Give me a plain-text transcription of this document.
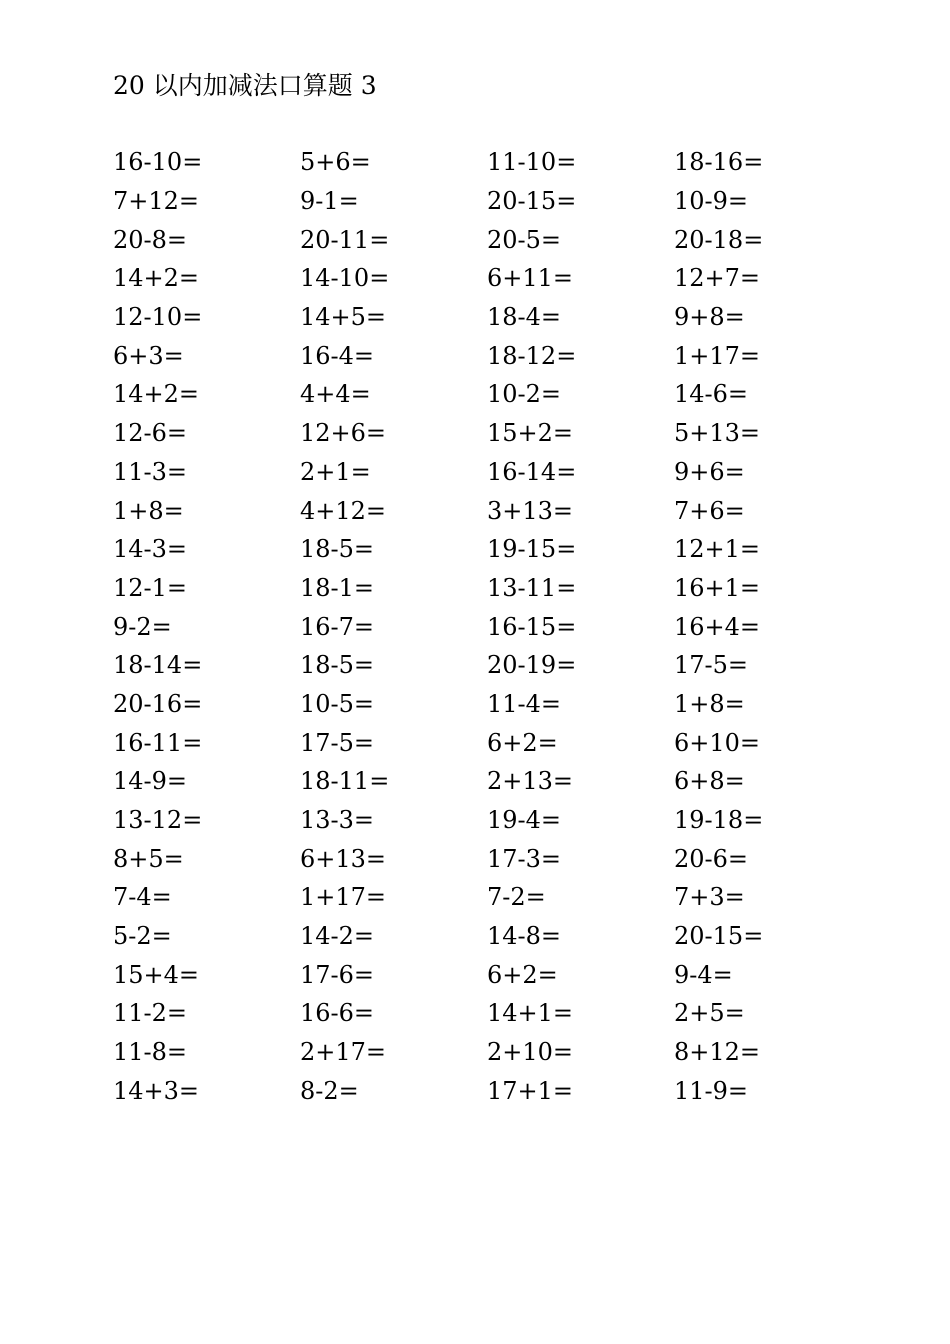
20 以内加减法口算题 3
16-10=	5+6=	11-10=	18-16=
7+12=	9-1=	20-15=	10-9=
20-8=	20-11=	20-5=	20-18=
14+2=	14-10=	6+11=	12+7=
12-10=	14+5=	18-4=	9+8=
6+3=	16-4=	18-12=	1+17=
14+2=	4+4=	10-2=	14-6=
12-6=	12+6=	15+2=	5+13=
11-3=	2+1=	16-14=	9+6=
1+8=	4+12=	3+13=	7+6=
14-3=	18-5=	19-15=	12+1=
12-1=	18-1=	13-11=	16+1=
9-2=	16-7=	16-15=	16+4=
18-14=	18-5=	20-19=	17-5=
20-16=	10-5=	11-4=	1+8=
16-11=	17-5=	6+2=	6+10=
14-9=	18-11=	2+13=	6+8=
13-12=	13-3=	19-4=	19-18=
8+5=	6+13=	17-3=	20-6=
7-4=	1+17=	7-2=	7+3=
5-2=	14-2=	14-8=	20-15=
15+4=	17-6=	6+2=	9-4=
11-2=	16-6=	14+1=	2+5=
11-8=	2+17=	2+10=	8+12=
14+3=	8-2=	17+1=	11-9=
